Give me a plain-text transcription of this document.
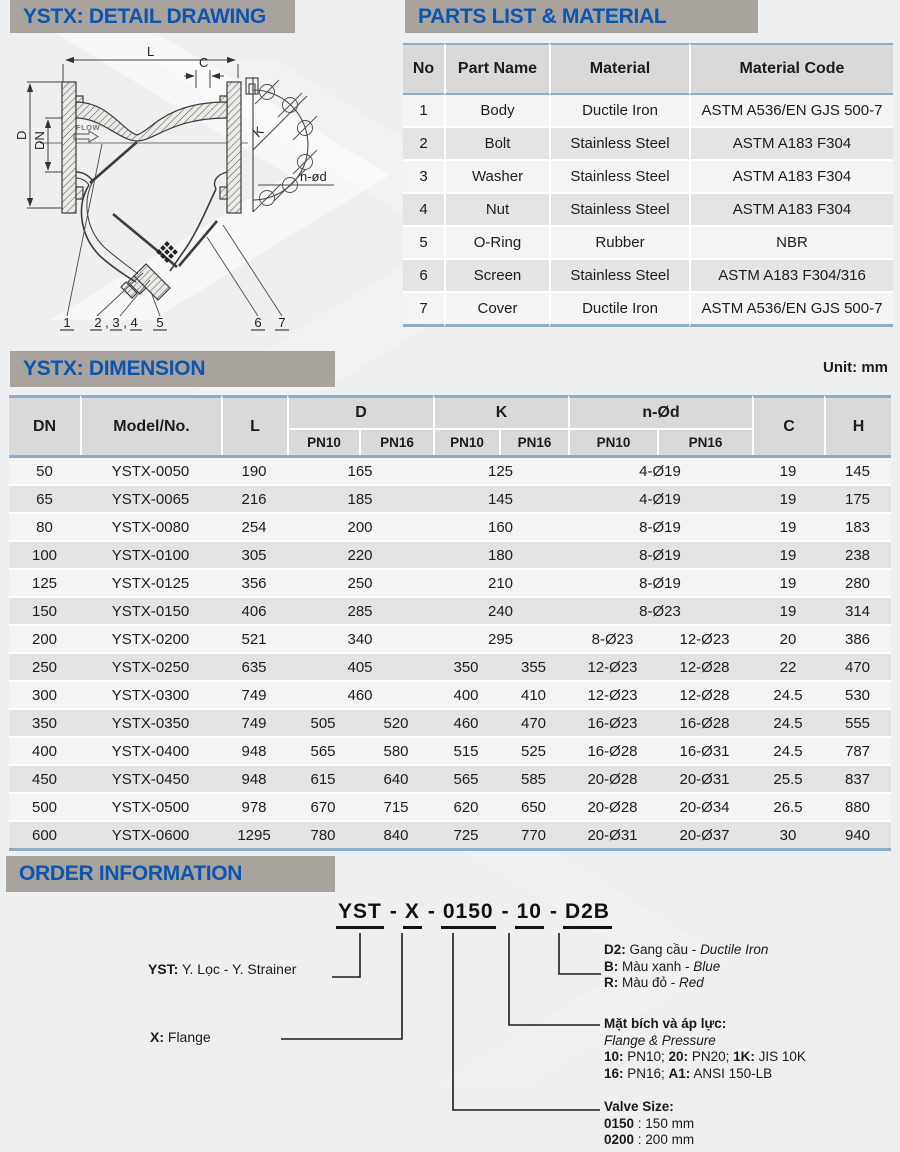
YSTX: DETAIL DRAWING	PARTS LIST & MATERIAL
YSTX: DIMENSION
ORDER INFORMATION
FLOW
L
C
D DN	K
n-ød
1 2 , 3 , 4 5	6 7
No	Part Name	Material	Material Code
1	Body	Ductile Iron	ASTM A536/EN GJS 500-7
2	Bolt	Stainless Steel	ASTM A183 F304
3	Washer	Stainless Steel	ASTM A183 F304
4	Nut	Stainless Steel	ASTM A183 F304
5	O-Ring	Rubber	NBR
6	Screen	Stainless Steel	ASTM A183 F304/316
7	Cover	Ductile Iron	ASTM A536/EN GJS 500-7
Unit: mm
DN	Model/No.	L	D		K		n-Ød		C	H
			PN10	PN16	PN10	PN16	PN10	PN16		
50	YSTX-0050	190	165		125		4-Ø19		19	145
65	YSTX-0065	216	185		145		4-Ø19		19	175
80	YSTX-0080	254	200		160		8-Ø19		19	183
100	YSTX-0100	305	220		180		8-Ø19		19	238
125	YSTX-0125	356	250		210		8-Ø19		19	280
150	YSTX-0150	406	285		240		8-Ø23		19	314
200	YSTX-0200	521	340		295		8-Ø23	12-Ø23	20	386
250	YSTX-0250	635	405		350	355	12-Ø23	12-Ø28	22	470
300	YSTX-0300	749	460		400	410	12-Ø23	12-Ø28	24.5	530
350	YSTX-0350	749	505	520	460	470	16-Ø23	16-Ø28	24.5	555
400	YSTX-0400	948	565	580	515	525	16-Ø28	16-Ø31	24.5	787
450	YSTX-0450	948	615	640	565	585	20-Ø28	20-Ø31	25.5	837
500	YSTX-0500	978	670	715	620	650	20-Ø28	20-Ø34	26.5	880
600	YSTX-0600	1295	780	840	725	770	20-Ø31	20-Ø37	30	940
YST - X - 0150 - 10 - D2B
YST: Y. Lọc - Y. Strainer
X: Flange
D2: Gang cầu - Ductile Iron
B: Màu xanh - Blue
R: Màu đỏ - Red
Mặt bích và áp lực:
Flange & Pressure
10: PN10; 20: PN20; 1K: JIS 10K
16: PN16; A1: ANSI 150-LB
Valve Size:
0150 : 150 mm
0200 : 200 mm
